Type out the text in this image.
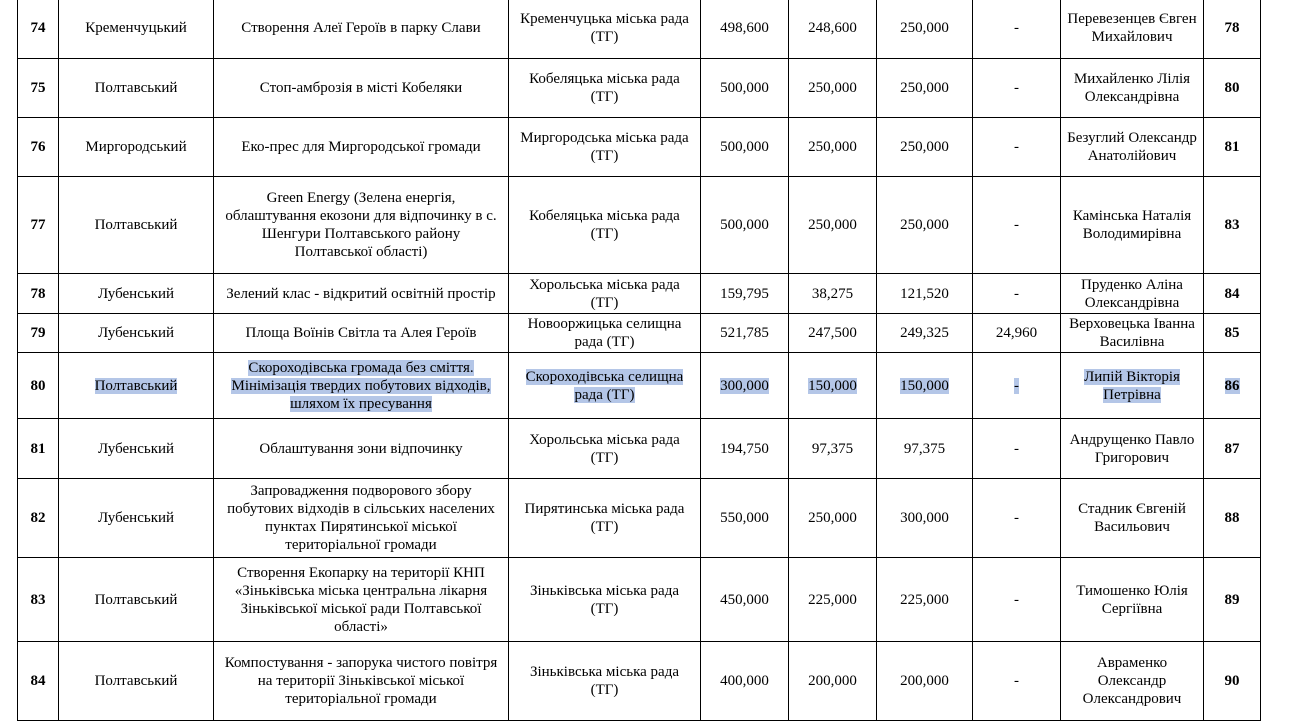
74	Кременчуцький	Створення Алеї Героїв в парку Слави	Кременчуцька міська рада
(ТГ)	498,600	248,600	250,000	-	Перевезенцев Євген
Михайлович	78
75	Полтавський	Стоп-амброзія в місті Кобеляки	Кобеляцька міська рада
(ТГ)	500,000	250,000	250,000	-	Михайленко Лілія
Олександрівна	80
76	Миргородський	Еко-прес для Миргородської громади	Миргородська міська рада
(ТГ)	500,000	250,000	250,000	-	Безуглий Олександр
Анатолійович	81
77	Полтавський	Green Energy (Зелена енергія,
облаштування екозони для відпочинку в с.
Шенгури Полтавського району
Полтавської області)	Кобеляцька міська рада
(ТГ)	500,000	250,000	250,000	-	Камінська Наталія
Володимирівна	83
78	Лубенський	Зелений клас - відкритий освітній простір	Хорольська міська рада
(ТГ)	159,795	38,275	121,520	-	Пруденко Аліна
Олександрівна	84
79	Лубенський	Площа Воїнів Світла та Алея Героїв	Новооржицька селищна
рада (ТГ)	521,785	247,500	249,325	24,960	Верховецька Іванна
Василівна	85
80	Полтавський	Скороходівська громада без сміття.
Мінімізація твердих побутових відходів,
шляхом їх пресування	Скороходівська селищна
рада (ТГ)	300,000	150,000	150,000	-	Липій Вікторія
Петрівна	86
81	Лубенський	Облаштування зони відпочинку	Хорольська міська рада
(ТГ)	194,750	97,375	97,375	-	Андрущенко Павло
Григорович	87
82	Лубенський	Запровадження подворового збору
побутових відходів в сільських населених
пунктах Пирятинської міської
територіальної громади	Пирятинська міська рада
(ТГ)	550,000	250,000	300,000	-	Стадник Євгеній
Васильович	88
83	Полтавський	Створення Екопарку на території КНП
«Зіньківська міська центральна лікарня
Зіньківської міської ради Полтавської
області»	Зіньківська міська рада
(ТГ)	450,000	225,000	225,000	-	Тимошенко Юлія
Сергіївна	89
84	Полтавський	Компостування - запорука чистого повітря
на території Зіньківської міської
територіальної громади	Зіньківська міська рада
(ТГ)	400,000	200,000	200,000	-	Авраменко
Олександр
Олександрович	90
